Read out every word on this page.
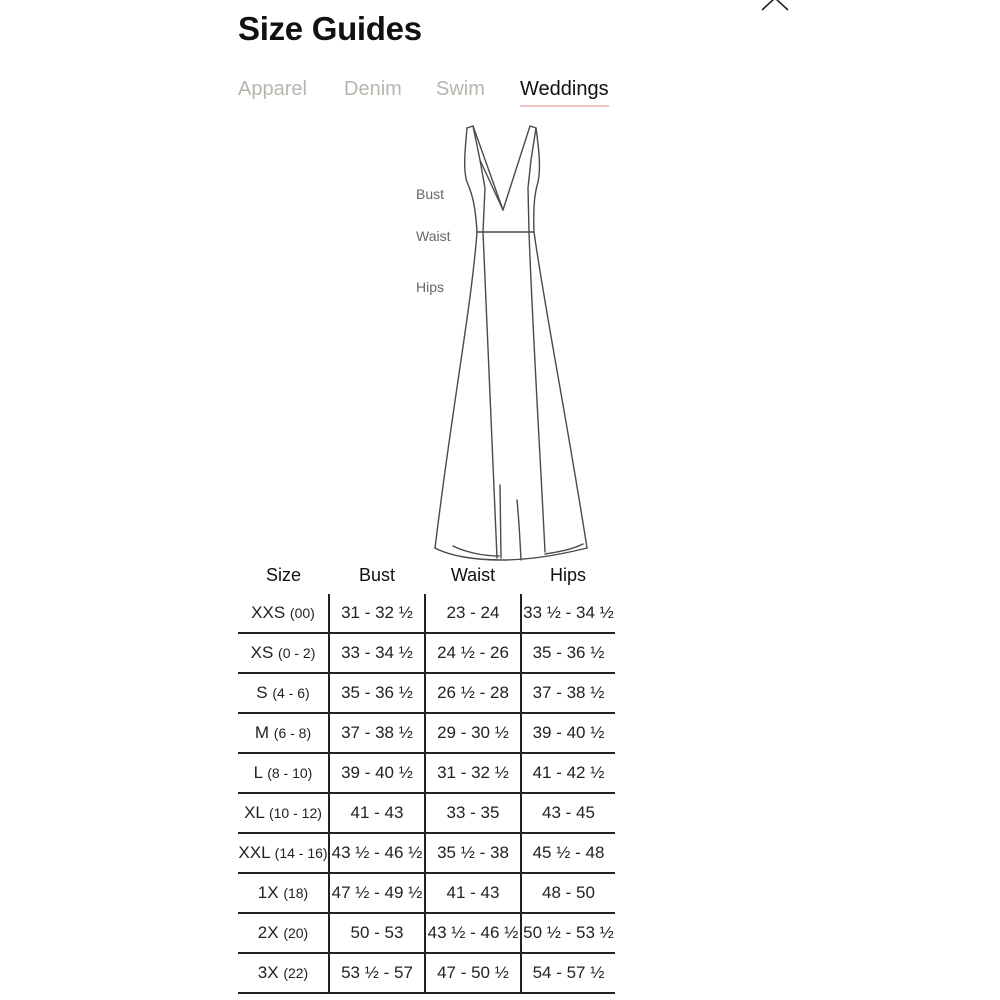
Size Guides
Apparel Denim Swim Weddings
Bust
Waist
Hips
Size	Bust	Waist	Hips
XXS (00)	31 - 32 ½	23 - 24	33 ½ - 34 ½
XS (0 - 2)	33 - 34 ½	24 ½ - 26	35 - 36 ½
S (4 - 6)	35 - 36 ½	26 ½ - 28	37 - 38 ½
M (6 - 8)	37 - 38 ½	29 - 30 ½	39 - 40 ½
L (8 - 10)	39 - 40 ½	31 - 32 ½	41 - 42 ½
XL (10 - 12)	41 - 43	33 - 35	43 - 45
XXL (14 - 16)	43 ½ - 46 ½	35 ½ - 38	45 ½ - 48
1X (18)	47 ½ - 49 ½	41 - 43	48 - 50
2X (20)	50 - 53	43 ½ - 46 ½	50 ½ - 53 ½
3X (22)	53 ½ - 57	47 - 50 ½	54 - 57 ½
